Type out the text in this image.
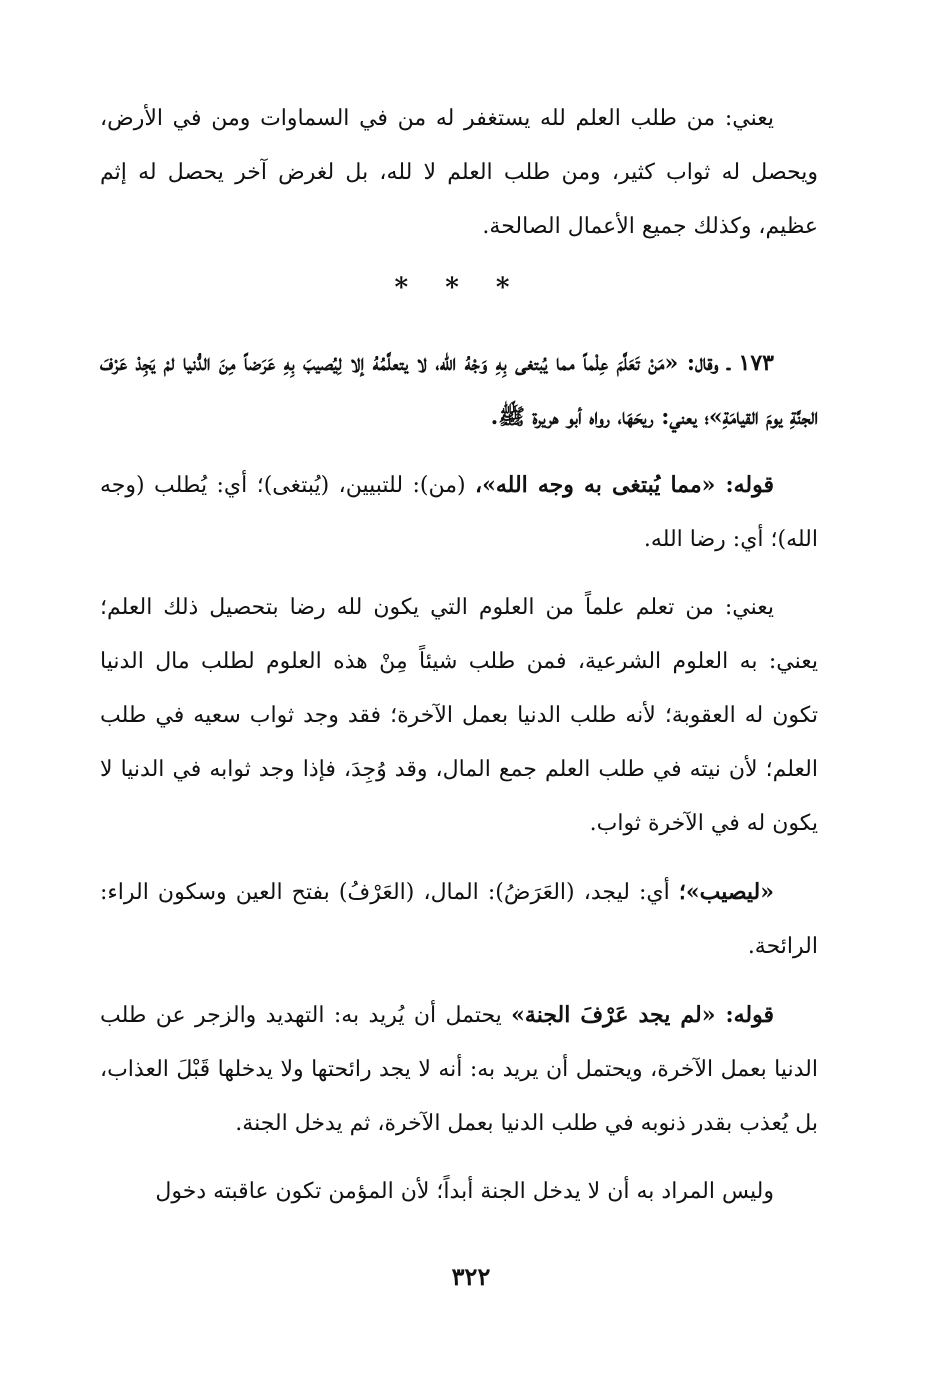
يعني: من طلب العلم لله يستغفر له من في السماوات ومن في الأرض، ويحصل له ثواب كثير، ومن طلب العلم لا لله، بل لغرض آخر يحصل له إثم عظيم، وكذلك جميع الأعمال الصالحة.

* * *

١٧٣ ـ وقال: «مَنْ تَعَلَّمَ عِلْماً مما يُبتغى بِهِ وَجْهُ الله، لا يتعلَّمُهُ إلا لِيُصيبَ بِهِ عَرَضاً مِنَ الدُّنيا لمْ يَجِدْ عَرْفَ الجنَّةِ يومَ القيامَةِ»؛ يعني: ريحَهَا، رواه أبو هريرة ﷺ.

قوله: «مما يُبتغى به وجه الله»، (من): للتبيين، (يُبتغى)؛ أي: يُطلب (وجه الله)؛ أي: رضا الله.

يعني: من تعلم علماً من العلوم التي يكون لله رضا بتحصيل ذلك العلم؛ يعني: به العلوم الشرعية، فمن طلب شيئاً مِنْ هذه العلوم لطلب مال الدنيا تكون له العقوبة؛ لأنه طلب الدنيا بعمل الآخرة؛ فقد وجد ثواب سعيه في طلب العلم؛ لأن نيته في طلب العلم جمع المال، وقد وُجِدَ، فإذا وجد ثوابه في الدنيا لا يكون له في الآخرة ثواب.

«ليصيب»؛ أي: ليجد، (العَرَضُ): المال، (العَرْفُ) بفتح العين وسكون الراء: الرائحة.

قوله: «لم يجد عَرْفَ الجنة» يحتمل أن يُريد به: التهديد والزجر عن طلب الدنيا بعمل الآخرة، ويحتمل أن يريد به: أنه لا يجد رائحتها ولا يدخلها قَبْلَ العذاب، بل يُعذب بقدر ذنوبه في طلب الدنيا بعمل الآخرة، ثم يدخل الجنة.

وليس المراد به أن لا يدخل الجنة أبداً؛ لأن المؤمن تكون عاقبته دخول

٣٢٢
